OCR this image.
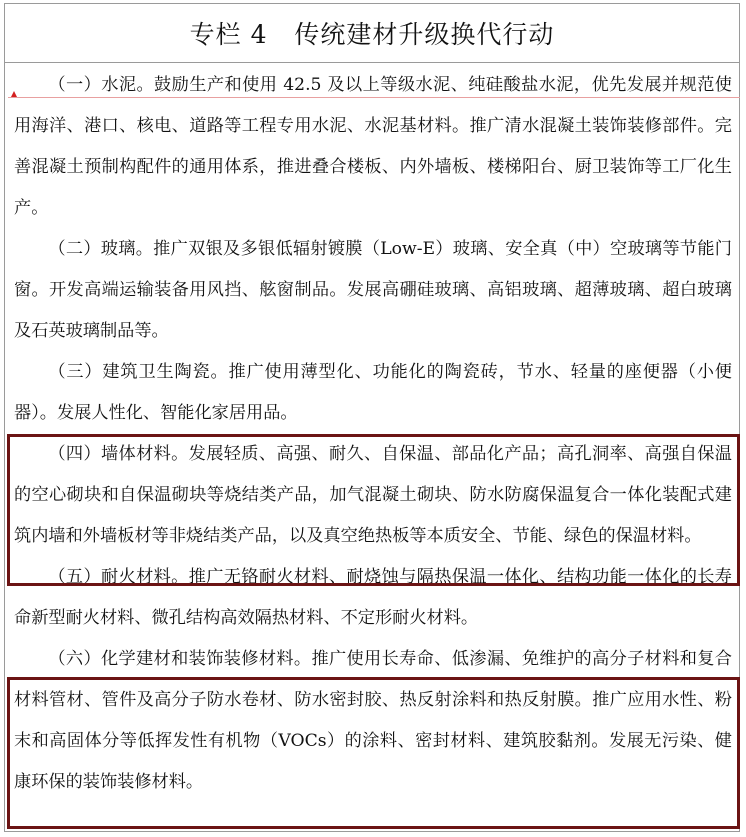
专栏 4   传统建材升级换代行动

（一）水泥。鼓励生产和使用 42.5 及以上等级水泥、纯硅酸盐水泥，优先发展并规范使用海洋、港口、核电、道路等工程专用水泥、水泥基材料。推广清水混凝土装饰装修部件。完善混凝土预制构配件的通用体系，推进叠合楼板、内外墙板、楼梯阳台、厨卫装饰等工厂化生产。

（二）玻璃。推广双银及多银低辐射镀膜（Low-E）玻璃、安全真（中）空玻璃等节能门窗。开发高端运输装备用风挡、舷窗制品。发展高硼硅玻璃、高铝玻璃、超薄玻璃、超白玻璃及石英玻璃制品等。

（三）建筑卫生陶瓷。推广使用薄型化、功能化的陶瓷砖，节水、轻量的座便器（小便器）。发展人性化、智能化家居用品。

（四）墙体材料。发展轻质、高强、耐久、自保温、部品化产品；高孔洞率、高强自保温的空心砌块和自保温砌块等烧结类产品，加气混凝土砌块、防水防腐保温复合一体化装配式建筑内墙和外墙板材等非烧结类产品，以及真空绝热板等本质安全、节能、绿色的保温材料。

（五）耐火材料。推广无铬耐火材料、耐烧蚀与隔热保温一体化、结构功能一体化的长寿命新型耐火材料、微孔结构高效隔热材料、不定形耐火材料。

（六）化学建材和装饰装修材料。推广使用长寿命、低渗漏、免维护的高分子材料和复合材料管材、管件及高分子防水卷材、防水密封胶、热反射涂料和热反射膜。推广应用水性、粉末和高固体分等低挥发性有机物（VOCs）的涂料、密封材料、建筑胶黏剂。发展无污染、健康环保的装饰装修材料。
